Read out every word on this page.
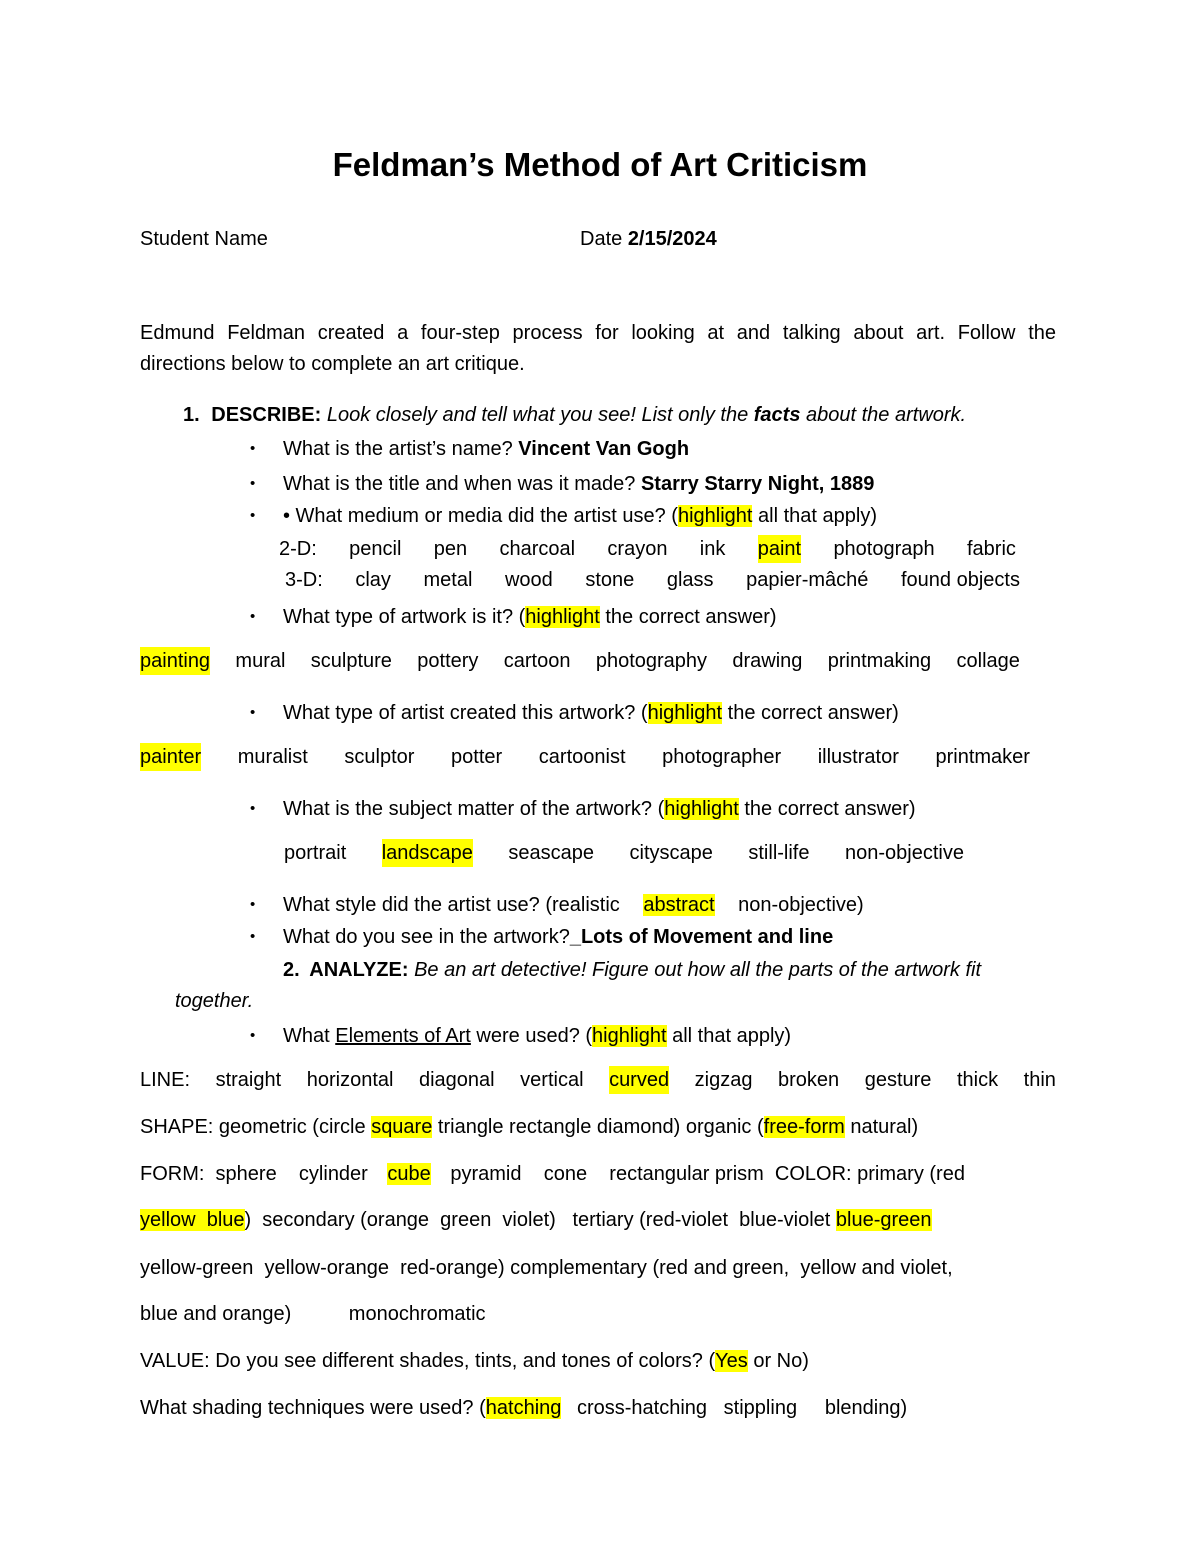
Feldman’s Method of Art Criticism
Student Name	Date 2/15/2024
Edmund Feldman created a four-step process for looking at and talking about art. Follow the
directions below to complete an art critique.
1. DESCRIBE: Look closely and tell what you see! List only the facts about the artwork.
• What is the artist’s name? Vincent Van Gogh
• What is the title and when was it made? Starry Starry Night, 1889
• • What medium or media did the artist use? (highlight all that apply)
2-D: pencil pen charcoal crayon ink paint photograph fabric
3-D: clay metal wood stone glass papier-mâché found objects
• What type of artwork is it? (highlight the correct answer)
painting mural sculpture pottery cartoon photography drawing printmaking collage
• What type of artist created this artwork? (highlight the correct answer)
painter muralist sculptor potter cartoonist photographer illustrator printmaker
• What is the subject matter of the artwork? (highlight the correct answer)
portrait landscape seascape cityscape still-life non-objective
• What style did the artist use? (realistic abstract non-objective)
• What do you see in the artwork?_Lots of Movement and line
2. ANALYZE: Be an art detective! Figure out how all the parts of the artwork fit
together.
• What Elements of Art were used? (highlight all that apply)
LINE: straight horizontal diagonal vertical curved zigzag broken gesture thick thin
SHAPE: geometric (circle square triangle rectangle diamond) organic (free-form natural)
FORM:  sphere    cylinder cube pyramid    cone    rectangular prism  COLOR: primary (red
yellow  blue)  secondary (orange  green  violet)   tertiary (red-violet  blue-violet blue-green
yellow-green  yellow-orange  red-orange) complementary (red and green,  yellow and violet,
blue and orange)	monochromatic
VALUE: Do you see different shades, tints, and tones of colors? (Yes or No)
What shading techniques were used? (hatching cross-hatching   stippling     blending)
